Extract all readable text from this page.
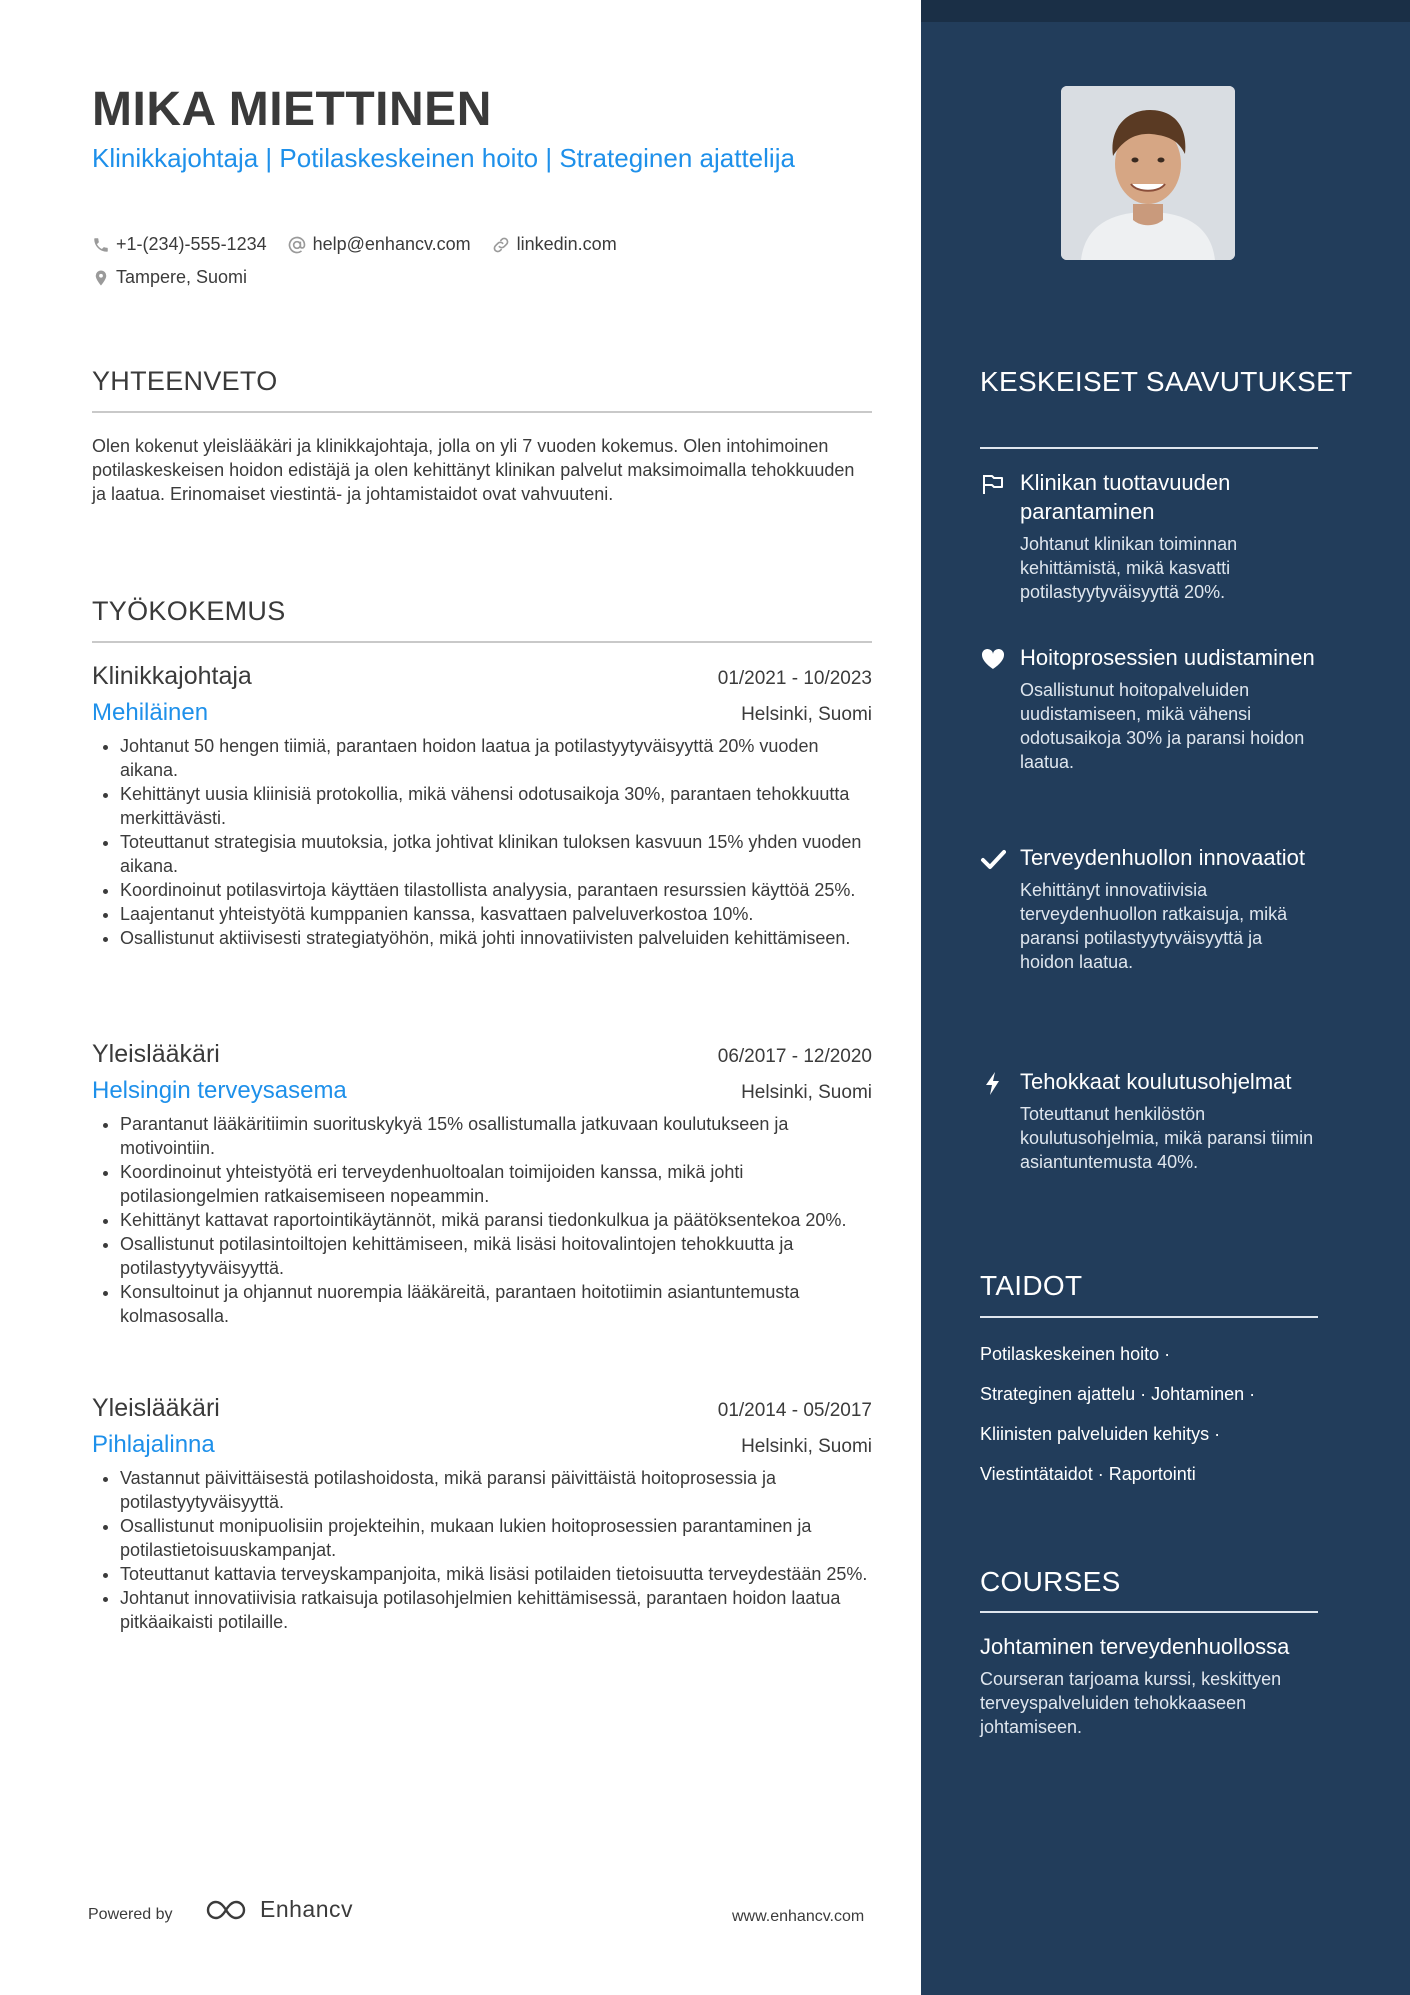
MIKA MIETTINEN

Klinikkajohtaja | Potilaskeskeinen hoito | Strateginen ajattelija

+1-(234)-555-1234	help@enhancv.com	linkedin.com
Tampere, Suomi
YHTEENVETO

Olen kokenut yleislääkäri ja klinikkajohtaja, jolla on yli 7 vuoden kokemus. Olen intohimoinen potilaskeskeisen hoidon edistäjä ja olen kehittänyt klinikan palvelut maksimoimalla tehokkuuden ja laatua. Erinomaiset viestintä- ja johtamistaidot ovat vahvuuteni.

TYÖKOKEMUS
Klinikkajohtaja	01/2021 - 10/2023
Mehiläinen	Helsinki, Suomi
• Johtanut 50 hengen tiimiä, parantaen hoidon laatua ja potilastyytyväisyyttä 20% vuoden aikana.
• Kehittänyt uusia kliinisiä protokollia, mikä vähensi odotusaikoja 30%, parantaen tehokkuutta merkittävästi.
• Toteuttanut strategisia muutoksia, jotka johtivat klinikan tuloksen kasvuun 15% yhden vuoden aikana.
• Koordinoinut potilasvirtoja käyttäen tilastollista analyysia, parantaen resurssien käyttöä 25%.
• Laajentanut yhteistyötä kumppanien kanssa, kasvattaen palveluverkostoa 10%.
• Osallistunut aktiivisesti strategiatyöhön, mikä johti innovatiivisten palveluiden kehittämiseen.
Yleislääkäri	06/2017 - 12/2020
Helsingin terveysasema	Helsinki, Suomi
• Parantanut lääkäritiimin suorituskykyä 15% osallistumalla jatkuvaan koulutukseen ja motivointiin.
• Koordinoinut yhteistyötä eri terveydenhuoltoalan toimijoiden kanssa, mikä johti potilasiongelmien ratkaisemiseen nopeammin.
• Kehittänyt kattavat raportointikäytännöt, mikä paransi tiedonkulkua ja päätöksentekoa 20%.
• Osallistunut potilasintoiltojen kehittämiseen, mikä lisäsi hoitovalintojen tehokkuutta ja potilastyytyväisyyttä.
• Konsultoinut ja ohjannut nuorempia lääkäreitä, parantaen hoitotiimin asiantuntemusta kolmasosalla.
Yleislääkäri	01/2014 - 05/2017
Pihlajalinna	Helsinki, Suomi
• Vastannut päivittäisestä potilashoidosta, mikä paransi päivittäistä hoitoprosessia ja potilastyytyväisyyttä.
• Osallistunut monipuolisiin projekteihin, mukaan lukien hoitoprosessien parantaminen ja potilastietoisuuskampanjat.
• Toteuttanut kattavia terveyskampanjoita, mikä lisäsi potilaiden tietoisuutta terveydestään 25%.
• Johtanut innovatiivisia ratkaisuja potilasohjelmien kehittämisessä, parantaen hoidon laatua pitkäaikaisti potilaille.
Powered by	Enhancv	www.enhancv.com
KESKEISET SAAVUTUKSET

Klinikan tuottavuuden parantaminen

Johtanut klinikan toiminnan kehittämistä, mikä kasvatti potilastyytyväisyyttä 20%.

Hoitoprosessien uudistaminen

Osallistunut hoitopalveluiden uudistamiseen, mikä vähensi odotusaikoja 30% ja paransi hoidon laatua.

Terveydenhuollon innovaatiot

Kehittänyt innovatiivisia terveydenhuollon ratkaisuja, mikä paransi potilastyytyväisyyttä ja hoidon laatua.

Tehokkaat koulutusohjelmat

Toteuttanut henkilöstön koulutusohjelmia, mikä paransi tiimin asiantuntemusta 40%.

TAIDOT
Potilaskeskeinen hoito ·
Strateginen ajattelu · Johtaminen ·
Kliinisten palveluiden kehitys ·
Viestintätaidot · Raportointi
COURSES

Johtaminen terveydenhuollossa

Courseran tarjoama kurssi, keskittyen terveyspalveluiden tehokkaaseen johtamiseen.
